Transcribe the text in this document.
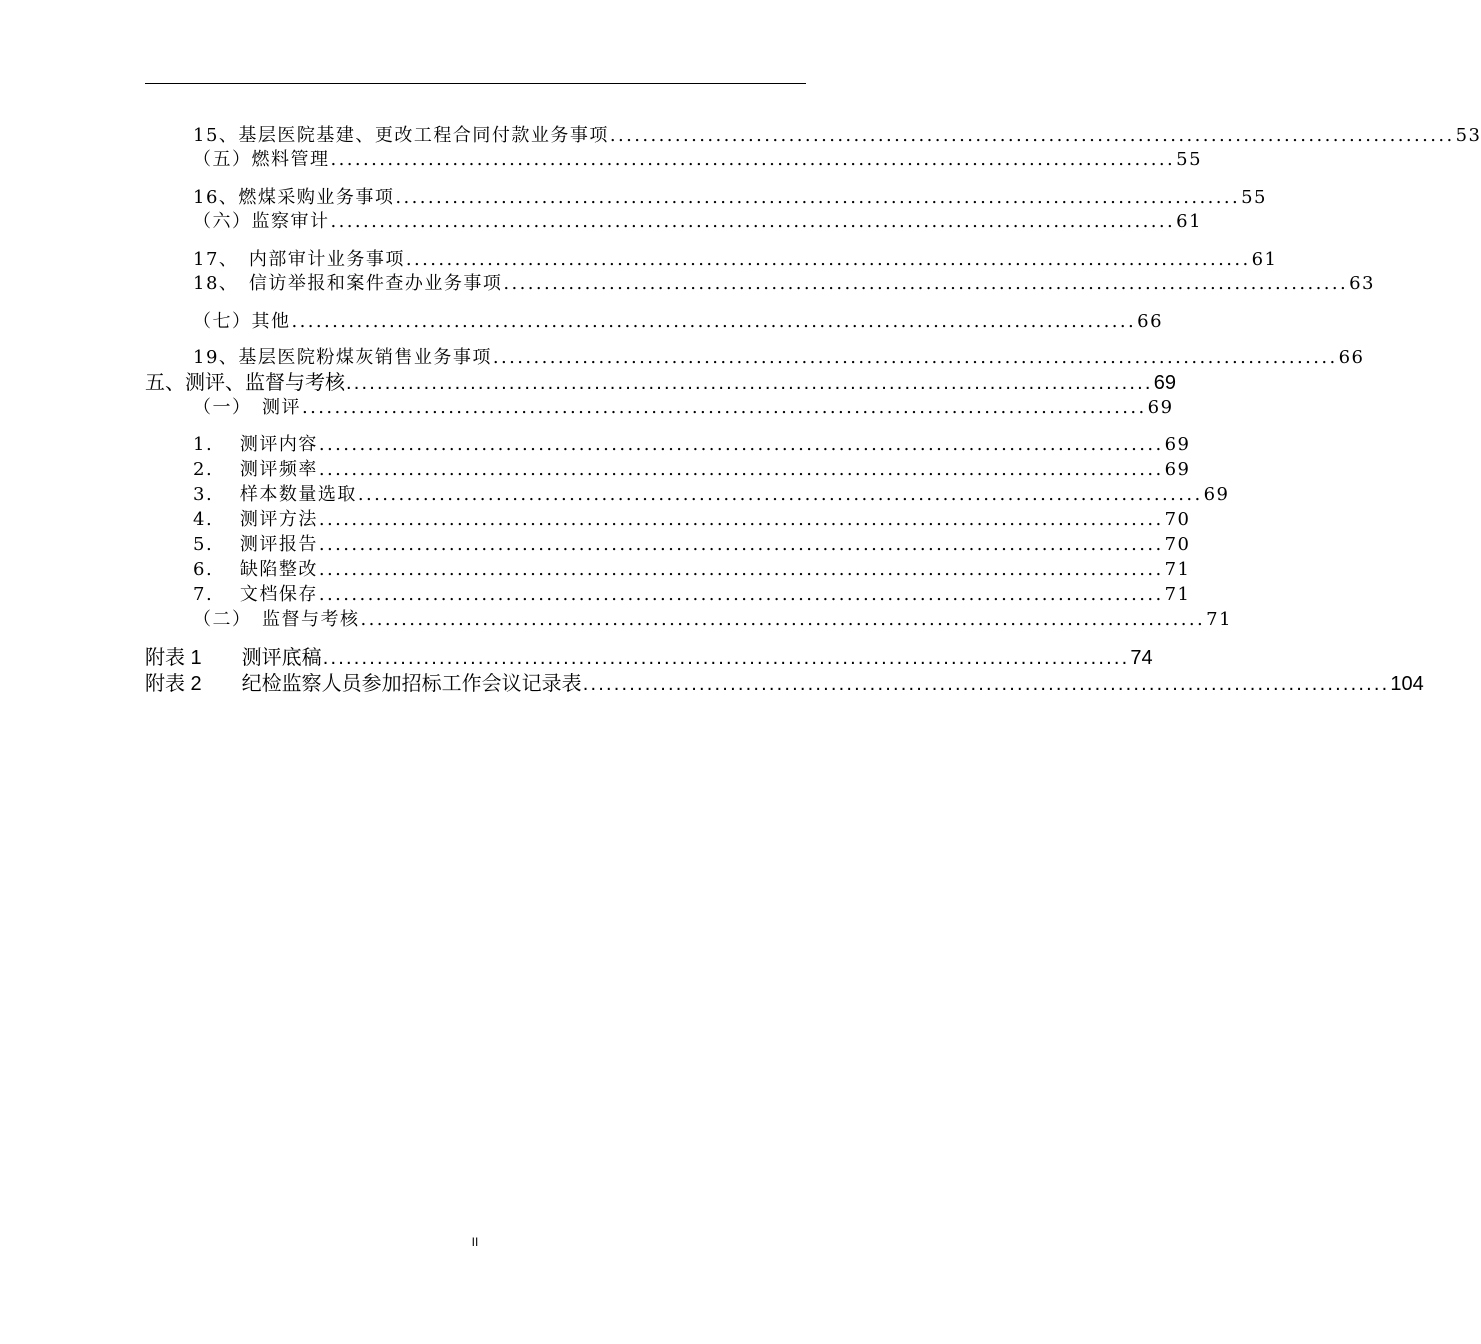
15、基层医院基建、更改工程合同付款业务事项 ........................................................................................................ 53
（五）燃料管理 ........................................................................................................ 55
16、燃煤采购业务事项 ........................................................................................................ 55
（六）监察审计 ........................................................................................................ 61
17、　内部审计业务事项 ........................................................................................................ 61
18、　信访举报和案件查办业务事项 ........................................................................................................ 63
（七）其他 ........................................................................................................ 66
19、基层医院粉煤灰销售业务事项 ........................................................................................................ 66
五、测评、监督与考核 ........................................................................................................ 69
（一）　测评 ........................................................................................................ 69
1.　 测评内容 ........................................................................................................ 69
2.　 测评频率 ........................................................................................................ 69
3.　 样本数量选取 ........................................................................................................ 69
4.　 测评方法 ........................................................................................................ 70
5.　 测评报告 ........................................................................................................ 70
6.　 缺陷整改 ........................................................................................................ 71
7.　 文档保存 ........................................................................................................ 71
（二）　监督与考核 ........................................................................................................ 71
附表 1　　测评底稿 ........................................................................................................ 74
附表 2　　纪检监察人员参加招标工作会议记录表 ........................................................................................................ 104
II
